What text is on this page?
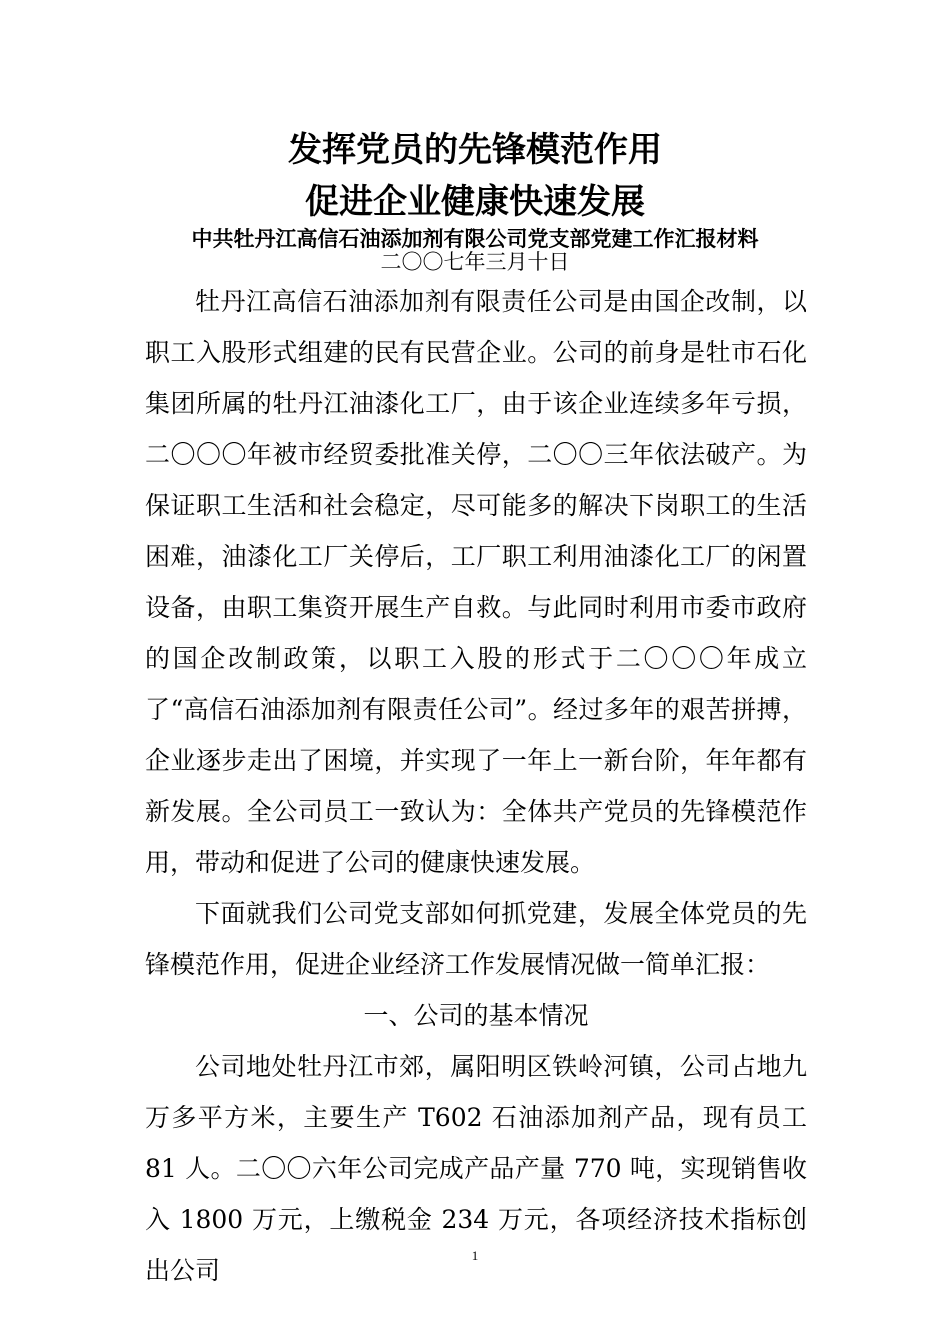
发挥党员的先锋模范作用
促进企业健康快速发展
中共牡丹江高信石油添加剂有限公司党支部党建工作汇报材料
二〇〇七年三月十日

牡丹江高信石油添加剂有限责任公司是由国企改制，以职工入股形式组建的民有民营企业。公司的前身是牡市石化集团所属的牡丹江油漆化工厂，由于该企业连续多年亏损，二〇〇〇年被市经贸委批准关停，二〇〇三年依法破产。为保证职工生活和社会稳定，尽可能多的解决下岗职工的生活困难，油漆化工厂关停后，工厂职工利用油漆化工厂的闲置设备，由职工集资开展生产自救。与此同时利用市委市政府的国企改制政策，以职工入股的形式于二〇〇〇年成立了“高信石油添加剂有限责任公司”。经过多年的艰苦拼搏，企业逐步走出了困境，并实现了一年上一新台阶，年年都有新发展。全公司员工一致认为：全体共产党员的先锋模范作用，带动和促进了公司的健康快速发展。

下面就我们公司党支部如何抓党建，发展全体党员的先锋模范作用，促进企业经济工作发展情况做一简单汇报：

一、公司的基本情况

公司地处牡丹江市郊，属阳明区铁岭河镇，公司占地九万多平方米，主要生产 T602 石油添加剂产品，现有员工 81 人。二〇〇六年公司完成产品产量 770 吨，实现销售收入 1800 万元，上缴税金 234 万元，各项经济技术指标创出公司

1
